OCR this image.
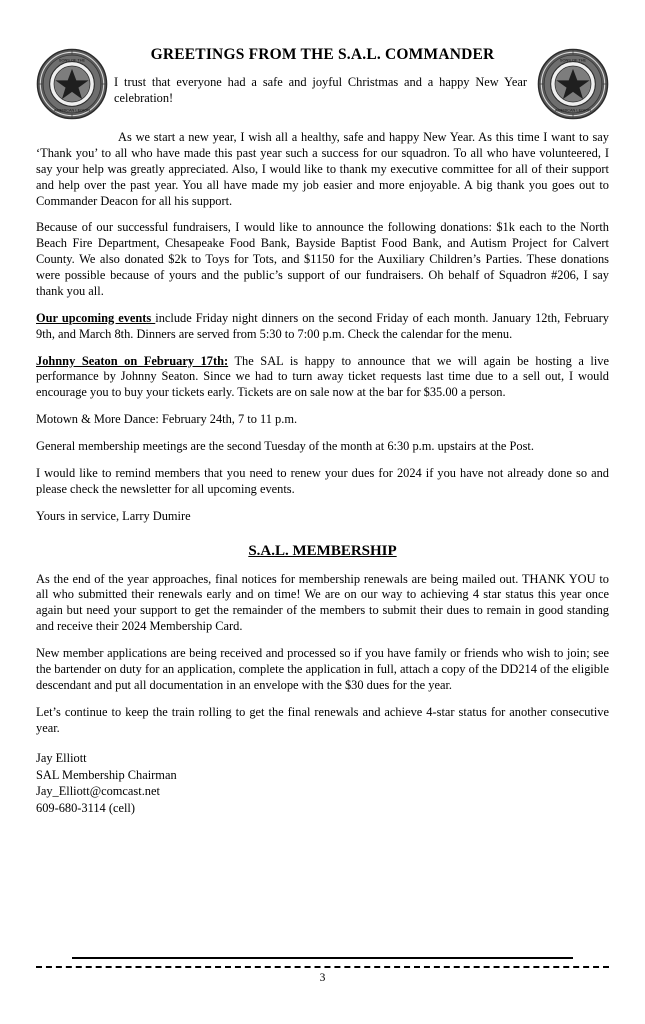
SONS OF THE
AMERICAN LEGION
SONS OF THE
AMERICAN LEGION
GREETINGS FROM THE S.A.L. COMMANDER
I trust that everyone had a safe and joyful Christmas and a happy New Year celebration!

As we start a new year, I wish all a healthy, safe and happy New Year. As this time I want to say ‘Thank you’ to all who have made this past year such a success for our squadron. To all who have volunteered, I say your help was greatly appreciated. Also, I would like to thank my executive committee for all of their support and help over the past year. You all have made my job easier and more enjoyable. A big thank you goes out to Commander Deacon for all his support.

Because of our successful fundraisers, I would like to announce the following donations: $1k each to the North Beach Fire Department, Chesapeake Food Bank, Bayside Baptist Food Bank, and Autism Project for Calvert County. We also donated $2k to Toys for Tots, and $1150 for the Auxiliary Children’s Parties. These donations were possible because of yours and the public’s support of our fundraisers. Oh behalf of Squadron #206, I say thank you all.

Our upcoming events include Friday night dinners on the second Friday of each month. January 12th, February 9th, and March 8th. Dinners are served from 5:30 to 7:00 p.m. Check the calendar for the menu.

Johnny Seaton on February 17th: The SAL is happy to announce that we will again be hosting a live performance by Johnny Seaton. Since we had to turn away ticket requests last time due to a sell out, I would encourage you to buy your tickets early. Tickets are on sale now at the bar for $35.00 a person.

Motown & More Dance: February 24th, 7 to 11 p.m.

General membership meetings are the second Tuesday of the month at 6:30 p.m. upstairs at the Post.

I would like to remind members that you need to renew your dues for 2024 if you have not already done so and please check the newsletter for all upcoming events.

Yours in service, Larry Dumire

S.A.L. MEMBERSHIP

As the end of the year approaches, final notices for membership renewals are being mailed out. THANK YOU to all who submitted their renewals early and on time! We are on our way to achieving 4 star status this year once again but need your support to get the remainder of the members to submit their dues to remain in good standing and receive their 2024 Membership Card.

New member applications are being received and processed so if you have family or friends who wish to join; see the bartender on duty for an application, complete the application in full, attach a copy of the DD214 of the eligible descendant and put all documentation in an envelope with the $30 dues for the year.

Let’s continue to keep the train rolling to get the final renewals and achieve 4-star status for another consecutive year.

Jay Elliott
SAL Membership Chairman
Jay_Elliott@comcast.net
609-680-3114 (cell)
3
